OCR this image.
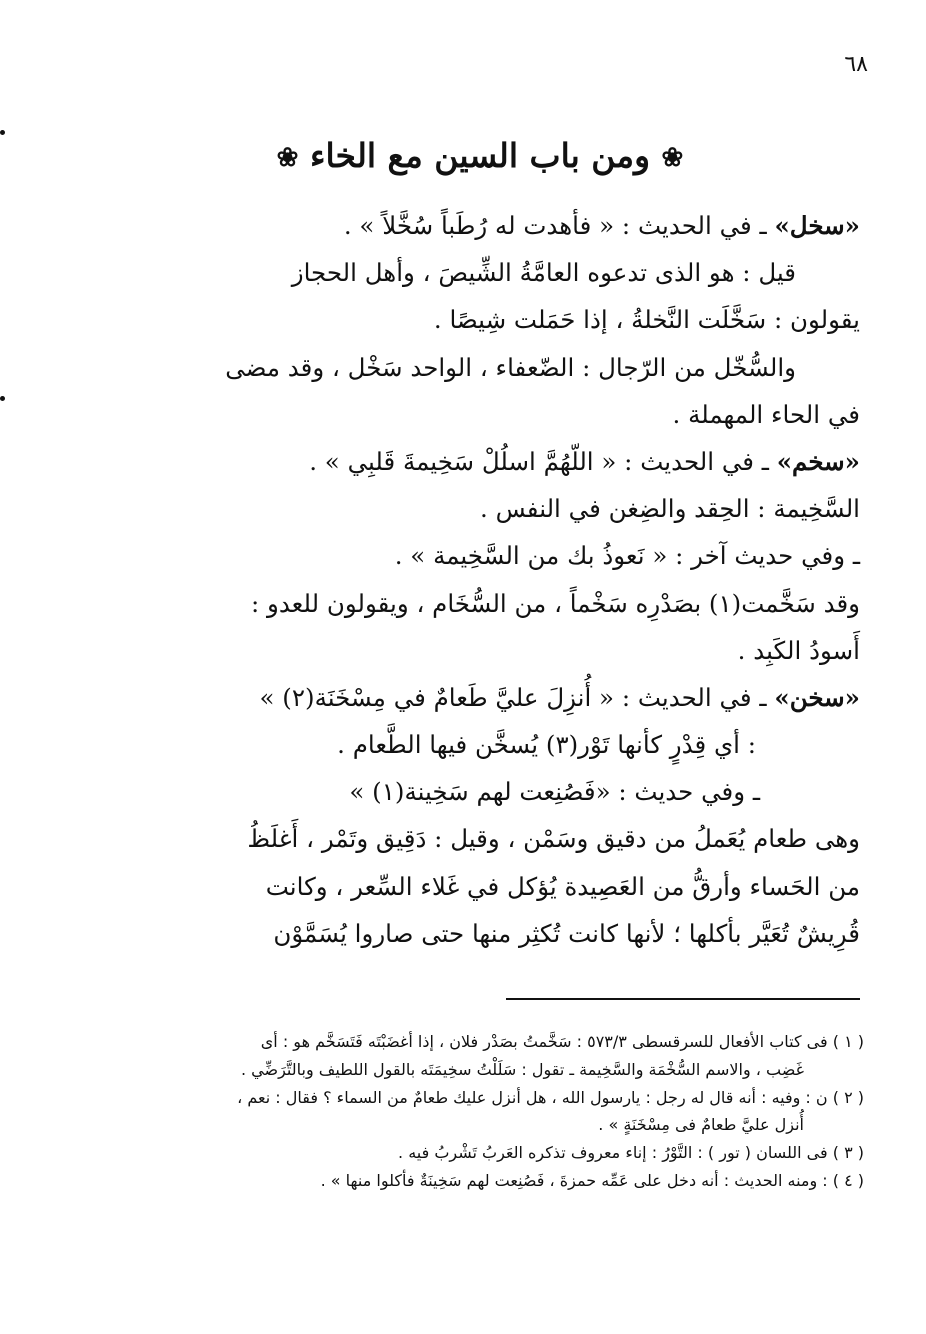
٦٨
❀ ومن باب السين مع الخاء ❀
«سخل» ـ في الحديث : « فأهدت له رُطَباً سُخَّلاً » .
قيل : هو الذى تدعوه العامَّةُ الشِّيصَ ، وأهل الحجاز
يقولون : سَخَّلَت النَّخلةُ ، إذا حَمَلت شِيصًا .
والسُّخّل من الرّجال : الضّعفاء ، الواحد سَخْل ، وقد مضى
في الحاء المهملة .
«سخم» ـ في الحديث : « اللّهُمَّ اسلُلْ سَخِيمةَ قَلبِي » .
السَّخِيمة : الحِقد والضِغن في النفس .
ـ وفي حديث آخر : « نَعوذُ بك من السَّخِيمة » .
وقد سَخَّمت(١) بصَدْرِه سَخْماً ، من السُّخَام ، ويقولون للعدو :
أَسودُ الكَبِد .
«سخن» ـ في الحديث : « أُنزِلَ عليَّ طَعامٌ في مِسْخَنَة(٢) »
: أي قِدْرٍ كأنها تَوْر(٣) يُسخَّن فيها الطَّعام .
ـ وفي حديث : «فَصُنِعت لهم سَخِينة(١) »
وهى طعام يُعَملُ من دقيق وسَمْن ، وقيل : دَقِيق وتَمْر ، أَغلَظُ
من الحَساء وأرقُّ من العَصِيدة يُؤكل في غَلاء السِّعر ، وكانت
قُرِيشٌ تُعَيَّر بأكلها ؛ لأنها كانت تُكثِر منها حتى صاروا يُسَمَّوْن
( ١ ) فى كتاب الأفعال للسرقسطى ٥٧٣/٣ : سَخَّمتُ بصَدْر فلان ، إذا أغضَبْتَه فَتَسَخَّم هو : أى
غَضِب ، والاسم السُّخْمَة والسَّخِيمة ـ تقول : سَلَلْتُ سخِيمَتَه بالقول اللطيف وبالتَّرَضِّي .
( ٢ ) ن : وفيه : أنه قال له رجل : يارسول الله ، هل أنزل عليك طعامٌ من السماء ؟ فقال : نعم ،
أُنزل عليَّ طعامٌ فى مِسْخَنَةٍ » .
( ٣ ) فى اللسان ( تور ) : التَّوْرُ : إناء معروف تذكره العَربُ تَشْربُ فيه .
( ٤ ) : ومنه الحديث : أنه دخل على عَمِّه حمزةَ ، فَصُنِعت لهم سَخِينَةٌ فأكلوا منها » .
